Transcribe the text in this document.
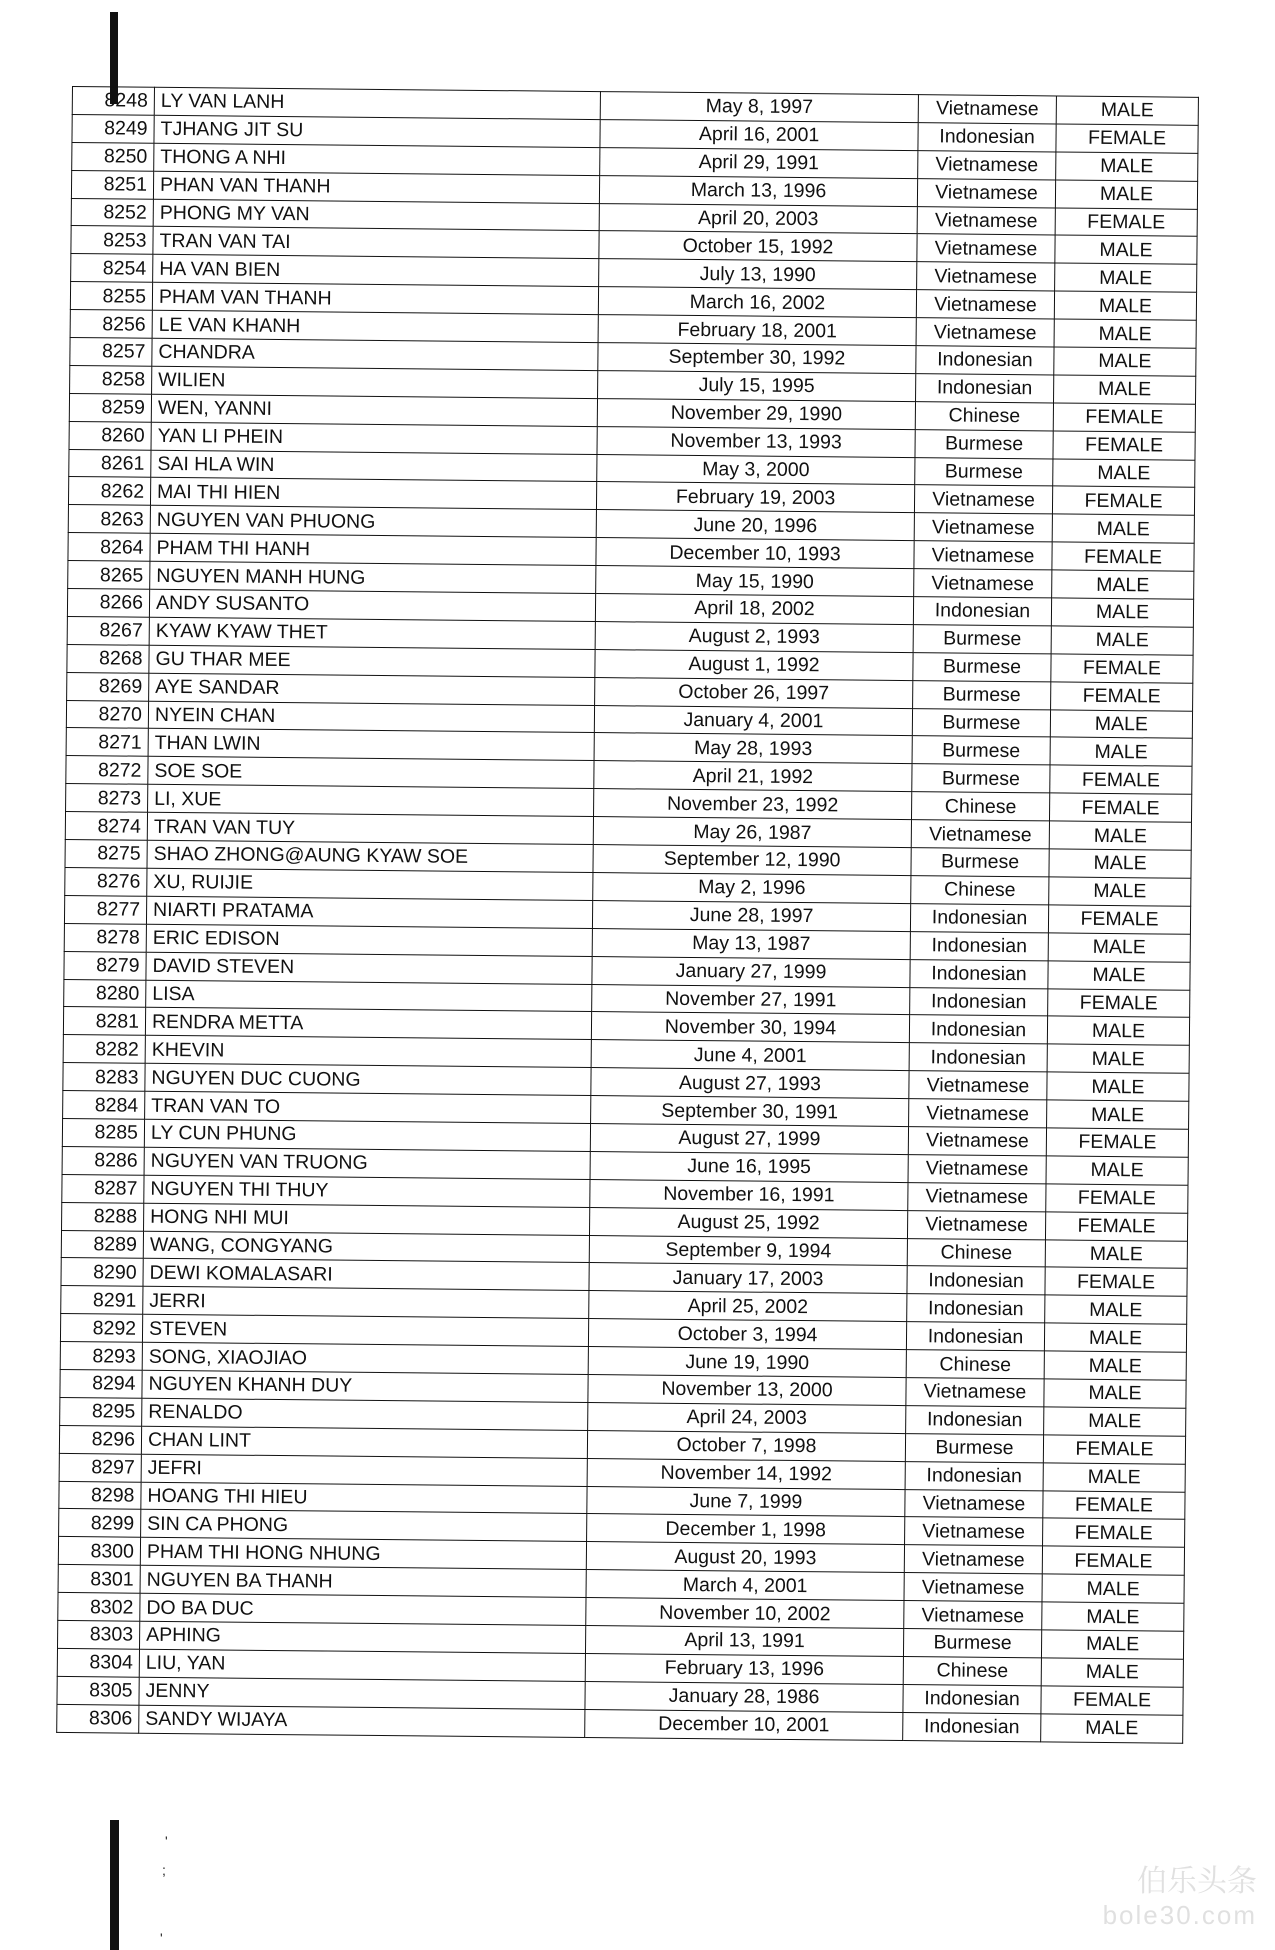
'
;
'
8248	LY VAN LANH	May 8, 1997	Vietnamese	MALE
8249	TJHANG JIT SU	April 16, 2001	Indonesian	FEMALE
8250	THONG A NHI	April 29, 1991	Vietnamese	MALE
8251	PHAN VAN THANH	March 13, 1996	Vietnamese	MALE
8252	PHONG MY VAN	April 20, 2003	Vietnamese	FEMALE
8253	TRAN VAN TAI	October 15, 1992	Vietnamese	MALE
8254	HA VAN BIEN	July 13, 1990	Vietnamese	MALE
8255	PHAM VAN THANH	March 16, 2002	Vietnamese	MALE
8256	LE VAN KHANH	February 18, 2001	Vietnamese	MALE
8257	CHANDRA	September 30, 1992	Indonesian	MALE
8258	WILIEN	July 15, 1995	Indonesian	MALE
8259	WEN, YANNI	November 29, 1990	Chinese	FEMALE
8260	YAN LI PHEIN	November 13, 1993	Burmese	FEMALE
8261	SAI HLA WIN	May 3, 2000	Burmese	MALE
8262	MAI THI HIEN	February 19, 2003	Vietnamese	FEMALE
8263	NGUYEN VAN PHUONG	June 20, 1996	Vietnamese	MALE
8264	PHAM THI HANH	December 10, 1993	Vietnamese	FEMALE
8265	NGUYEN MANH HUNG	May 15, 1990	Vietnamese	MALE
8266	ANDY SUSANTO	April 18, 2002	Indonesian	MALE
8267	KYAW KYAW THET	August 2, 1993	Burmese	MALE
8268	GU THAR MEE	August 1, 1992	Burmese	FEMALE
8269	AYE SANDAR	October 26, 1997	Burmese	FEMALE
8270	NYEIN CHAN	January 4, 2001	Burmese	MALE
8271	THAN LWIN	May 28, 1993	Burmese	MALE
8272	SOE SOE	April 21, 1992	Burmese	FEMALE
8273	LI, XUE	November 23, 1992	Chinese	FEMALE
8274	TRAN VAN TUY	May 26, 1987	Vietnamese	MALE
8275	SHAO ZHONG@AUNG KYAW SOE	September 12, 1990	Burmese	MALE
8276	XU, RUIJIE	May 2, 1996	Chinese	MALE
8277	NIARTI PRATAMA	June 28, 1997	Indonesian	FEMALE
8278	ERIC EDISON	May 13, 1987	Indonesian	MALE
8279	DAVID STEVEN	January 27, 1999	Indonesian	MALE
8280	LISA	November 27, 1991	Indonesian	FEMALE
8281	RENDRA METTA	November 30, 1994	Indonesian	MALE
8282	KHEVIN	June 4, 2001	Indonesian	MALE
8283	NGUYEN DUC CUONG	August 27, 1993	Vietnamese	MALE
8284	TRAN VAN TO	September 30, 1991	Vietnamese	MALE
8285	LY CUN PHUNG	August 27, 1999	Vietnamese	FEMALE
8286	NGUYEN VAN TRUONG	June 16, 1995	Vietnamese	MALE
8287	NGUYEN THI THUY	November 16, 1991	Vietnamese	FEMALE
8288	HONG NHI MUI	August 25, 1992	Vietnamese	FEMALE
8289	WANG, CONGYANG	September 9, 1994	Chinese	MALE
8290	DEWI KOMALASARI	January 17, 2003	Indonesian	FEMALE
8291	JERRI	April 25, 2002	Indonesian	MALE
8292	STEVEN	October 3, 1994	Indonesian	MALE
8293	SONG, XIAOJIAO	June 19, 1990	Chinese	MALE
8294	NGUYEN KHANH DUY	November 13, 2000	Vietnamese	MALE
8295	RENALDO	April 24, 2003	Indonesian	MALE
8296	CHAN LINT	October 7, 1998	Burmese	FEMALE
8297	JEFRI	November 14, 1992	Indonesian	MALE
8298	HOANG THI HIEU	June 7, 1999	Vietnamese	FEMALE
8299	SIN CA PHONG	December 1, 1998	Vietnamese	FEMALE
8300	PHAM THI HONG NHUNG	August 20, 1993	Vietnamese	FEMALE
8301	NGUYEN BA THANH	March 4, 2001	Vietnamese	MALE
8302	DO BA DUC	November 10, 2002	Vietnamese	MALE
8303	APHING	April 13, 1991	Burmese	MALE
8304	LIU, YAN	February 13, 1996	Chinese	MALE
8305	JENNY	January 28, 1986	Indonesian	FEMALE
8306	SANDY WIJAYA	December 10, 2001	Indonesian	MALE
伯乐头条
bole30.com
